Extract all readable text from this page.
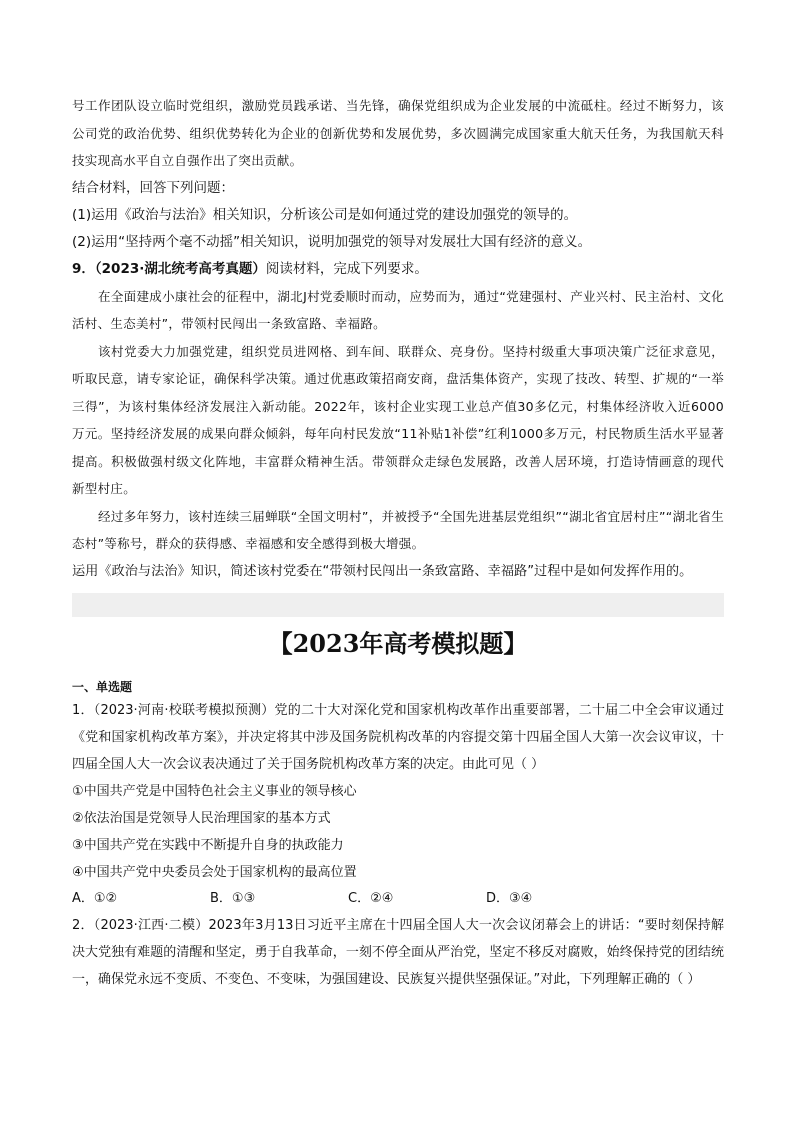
号工作团队设立临时党组织，激励党员践承诺、当先锋，确保党组织成为企业发展的中流砥柱。经过不断努力，该公司党的政治优势、组织优势转化为企业的创新优势和发展优势，多次圆满完成国家重大航天任务，为我国航天科技实现高水平自立自强作出了突出贡献。

结合材料，回答下列问题：

(1)运用《政治与法治》相关知识，分析该公司是如何通过党的建设加强党的领导的。

(2)运用“坚持两个毫不动摇”相关知识，说明加强党的领导对发展壮大国有经济的意义。

9．（2023·湖北统考高考真题）阅读材料，完成下列要求。

在全面建成小康社会的征程中，湖北J村党委顺时而动，应势而为，通过“党建强村、产业兴村、民主治村、文化活村、生态美村”，带领村民闯出一条致富路、幸福路。

该村党委大力加强党建，组织党员进网格、到车间、联群众、亮身份。坚持村级重大事项决策广泛征求意见，听取民意，请专家论证，确保科学决策。通过优惠政策招商安商，盘活集体资产，实现了技改、转型、扩规的“一举三得”，为该村集体经济发展注入新动能。2022年，该村企业实现工业总产值30多亿元，村集体经济收入近6000万元。坚持经济发展的成果向群众倾斜，每年向村民发放“11补贴1补偿”红利1000多万元，村民物质生活水平显著提高。积极做强村级文化阵地，丰富群众精神生活。带领群众走绿色发展路，改善人居环境，打造诗情画意的现代新型村庄。

经过多年努力，该村连续三届蝉联“全国文明村”，并被授予“全国先进基层党组织”“湖北省宜居村庄”“湖北省生态村”等称号，群众的获得感、幸福感和安全感得到极大增强。

运用《政治与法治》知识，简述该村党委在“带领村民闯出一条致富路、幸福路”过程中是如何发挥作用的。

【2023年高考模拟题】
一、单选题

1．（2023·河南·校联考模拟预测）党的二十大对深化党和国家机构改革作出重要部署，二十届二中全会审议通过《党和国家机构改革方案》，并决定将其中涉及国务院机构改革的内容提交第十四届全国人大第一次会议审议，十四届全国人大一次会议表决通过了关于国务院机构改革方案的决定。由此可见（ ）

①中国共产党是中国特色社会主义事业的领导核心

②依法治国是党领导人民治理国家的基本方式

③中国共产党在实践中不断提升自身的执政能力

④中国共产党中央委员会处于国家机构的最高位置

A．①②	B．①③	C．②④	D．③④

2．（2023·江西·二模）2023年3月13日习近平主席在十四届全国人大一次会议闭幕会上的讲话：“要时刻保持解决大党独有难题的清醒和坚定，勇于自我革命，一刻不停全面从严治党，坚定不移反对腐败，始终保持党的团结统一，确保党永远不变质、不变色、不变味，为强国建设、民族复兴提供坚强保证。”对此，下列理解正确的（ ）
